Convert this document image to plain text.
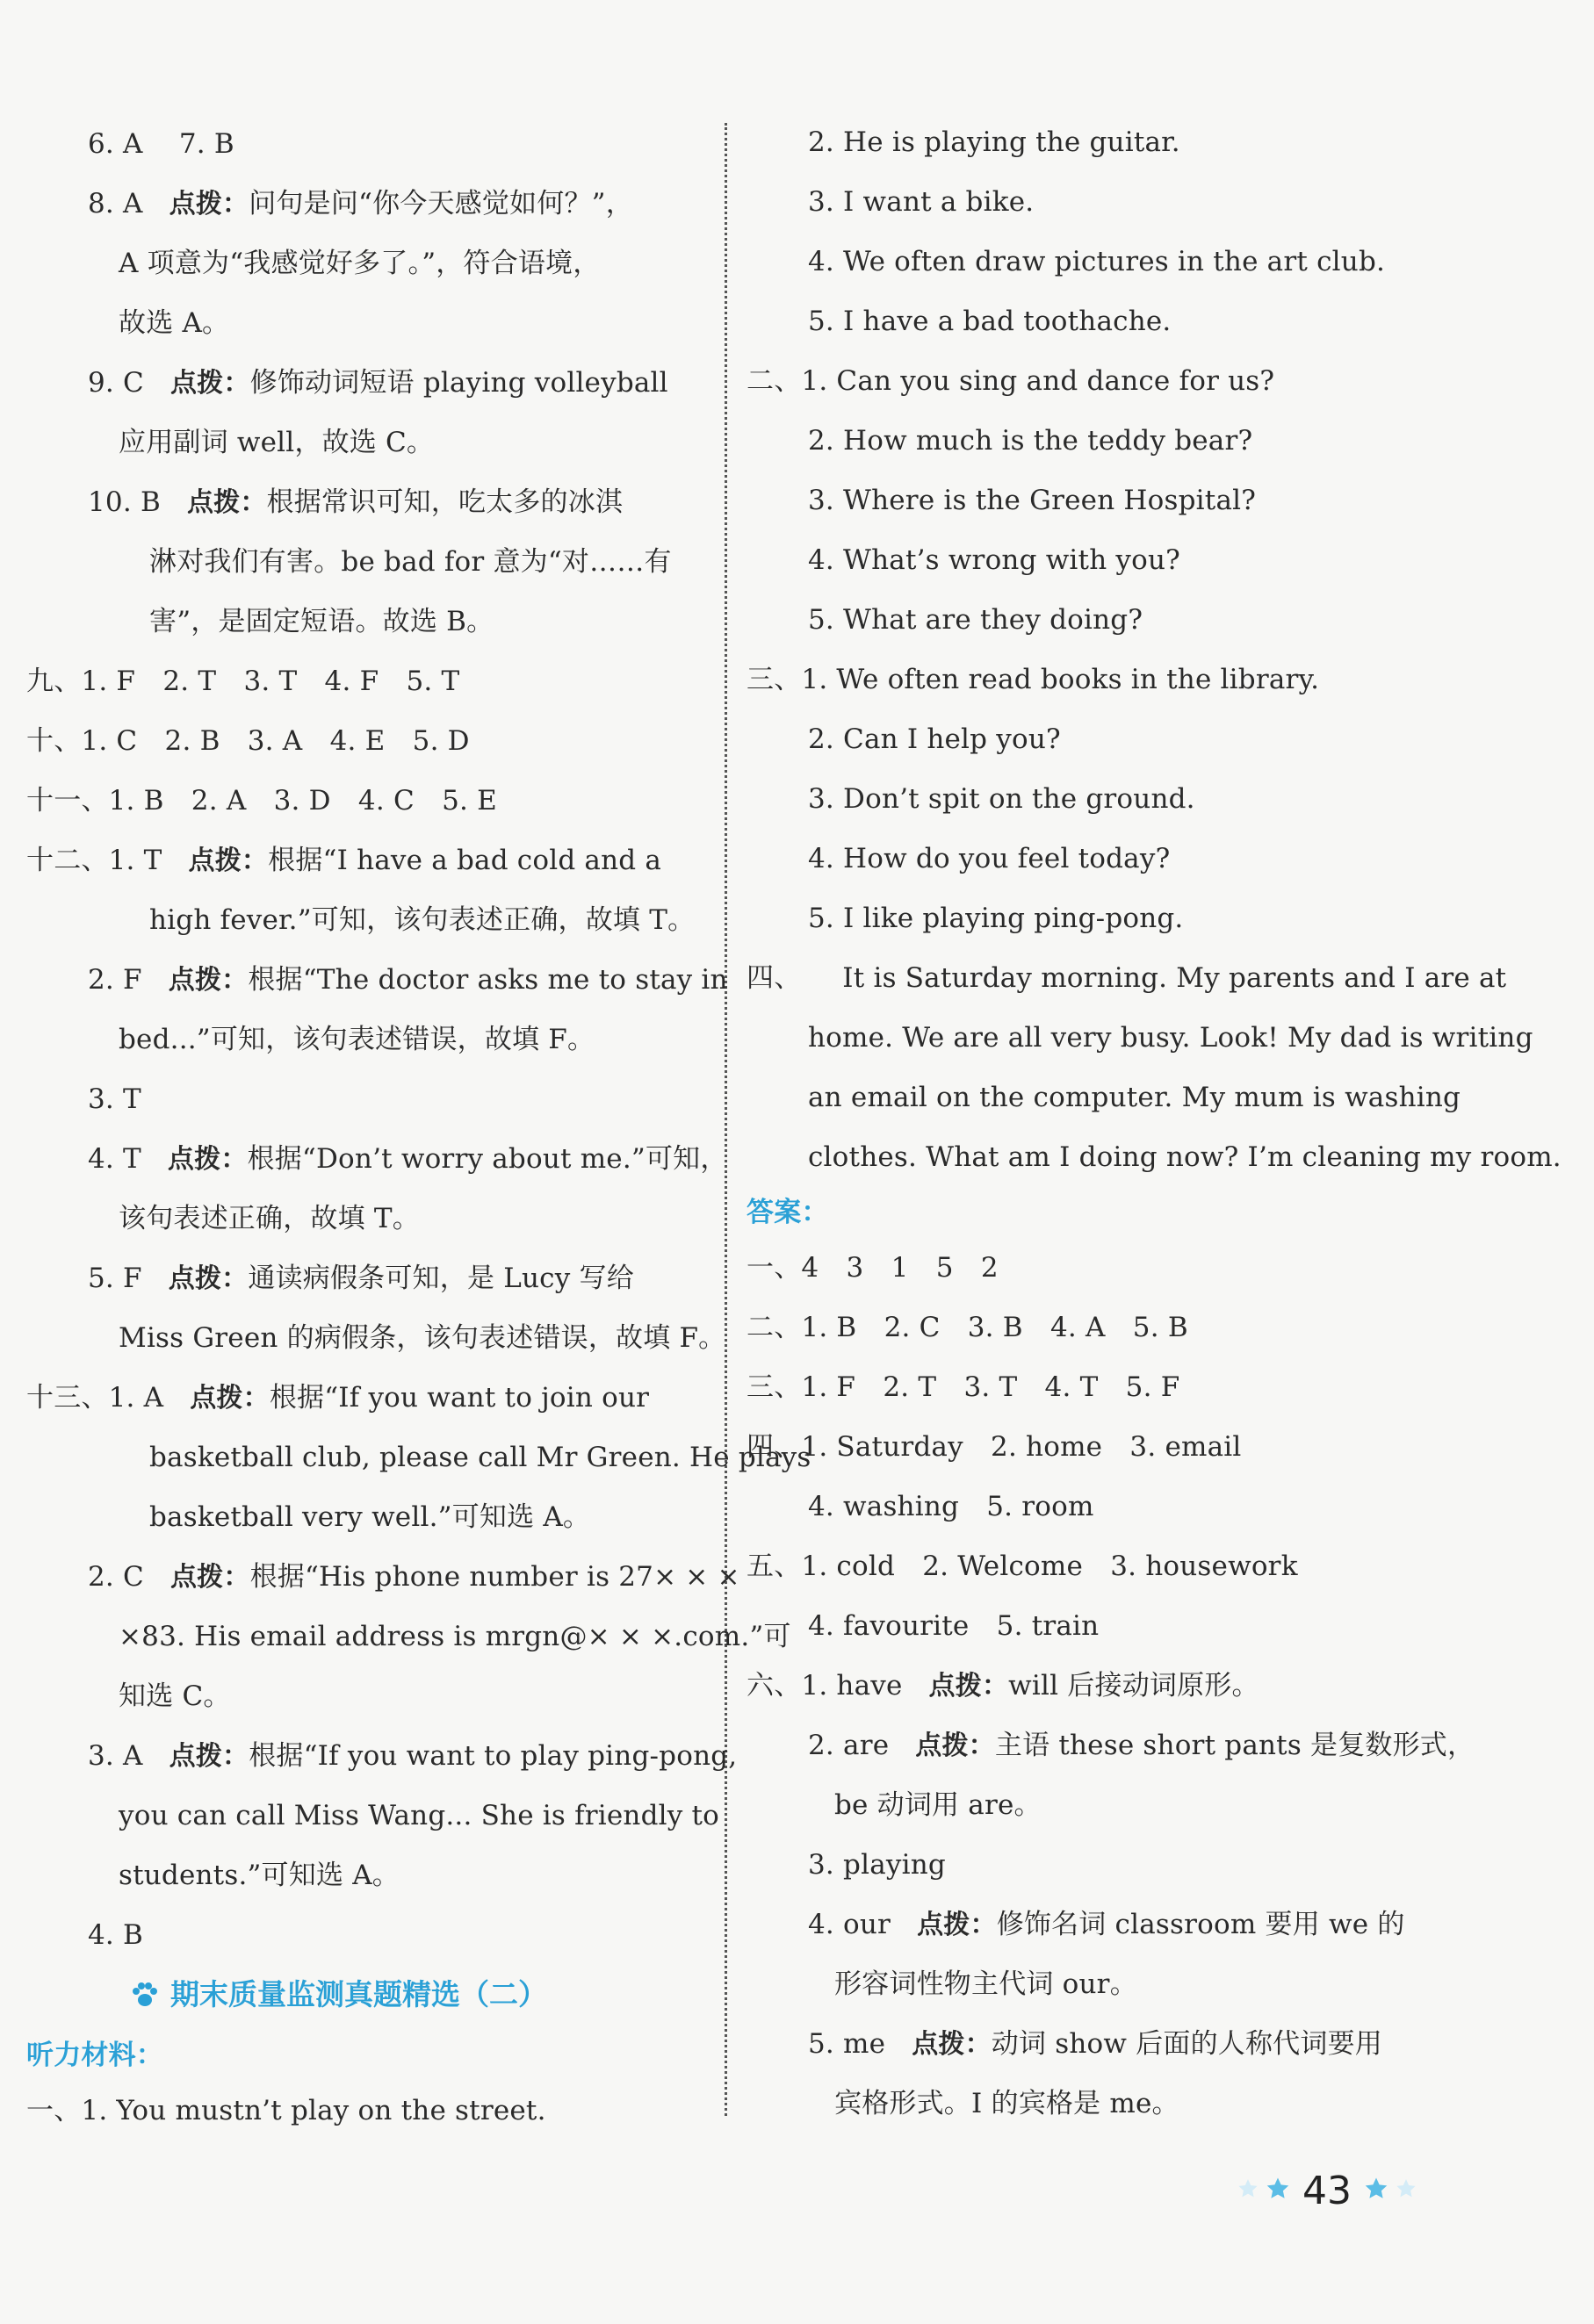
6. A　 7. B
8. A 点拨：问句是问“你今天感觉如何？”，
A 项意为“我感觉好多了。”，符合语境，
故选 A。
9. C 点拨：修饰动词短语 playing volleyball
应用副词 well，故选 C。
10. B 点拨：根据常识可知，吃太多的冰淇
淋对我们有害。be bad for 意为“对……有
害”，是固定短语。故选 B。
九、1. F　2. T　3. T　4. F　5. T
十、1. C　2. B　3. A　4. E　5. D
十一、1. B　2. A　3. D　4. C　5. E
十二、1. T 点拨：根据“I have a bad cold and a
high fever.”可知，该句表述正确，故填 T。
2. F 点拨：根据“The doctor asks me to stay in
bed...”可知，该句表述错误，故填 F。
3. T
4. T 点拨：根据“Don’t worry about me.”可知，
该句表述正确，故填 T。
5. F 点拨：通读病假条可知，是 Lucy 写给
Miss Green 的病假条，该句表述错误，故填 F。
十三、1. A 点拨：根据“If you want to join our
basketball club, please call Mr Green. He plays
basketball very well.”可知选 A。
2. C 点拨：根据“His phone number is 27× × ×
×83. His email address is mrgn@× × ×.com.”可
知选 C。
3. A 点拨：根据“If you want to play ping-pong,
you can call Miss Wang... She is friendly to
students.”可知选 A。
4. B
期末质量监测真题精选（二）
听力材料：
一、1. You mustn’t play on the street.
2. He is playing the guitar.
3. I want a bike.
4. We often draw pictures in the art club.
5. I have a bad toothache.
二、1. Can you sing and dance for us?
2. How much is the teddy bear?
3. Where is the Green Hospital?
4. What’s wrong with you?
5. What are they doing?
三、1. We often read books in the library.
2. Can I help you?
3. Don’t spit on the ground.
4. How do you feel today?
5. I like playing ping-pong.
四、　　It is Saturday morning. My parents and I are at
home. We are all very busy. Look! My dad is writing
an email on the computer. My mum is washing
clothes. What am I doing now? I’m cleaning my room.
答案：
一、4　3　1　5　2
二、1. B　2. C　3. B　4. A　5. B
三、1. F　2. T　3. T　4. T　5. F
四、1. Saturday　2. home　3. email
4. washing　5. room
五、1. cold　2. Welcome　3. housework
4. favourite　5. train
六、1. have 点拨：will 后接动词原形。
2. are 点拨：主语 these short pants 是复数形式，
be 动词用 are。
3. playing
4. our 点拨：修饰名词 classroom 要用 we 的
形容词性物主代词 our。
5. me 点拨：动词 show 后面的人称代词要用
宾格形式。I 的宾格是 me。
43
